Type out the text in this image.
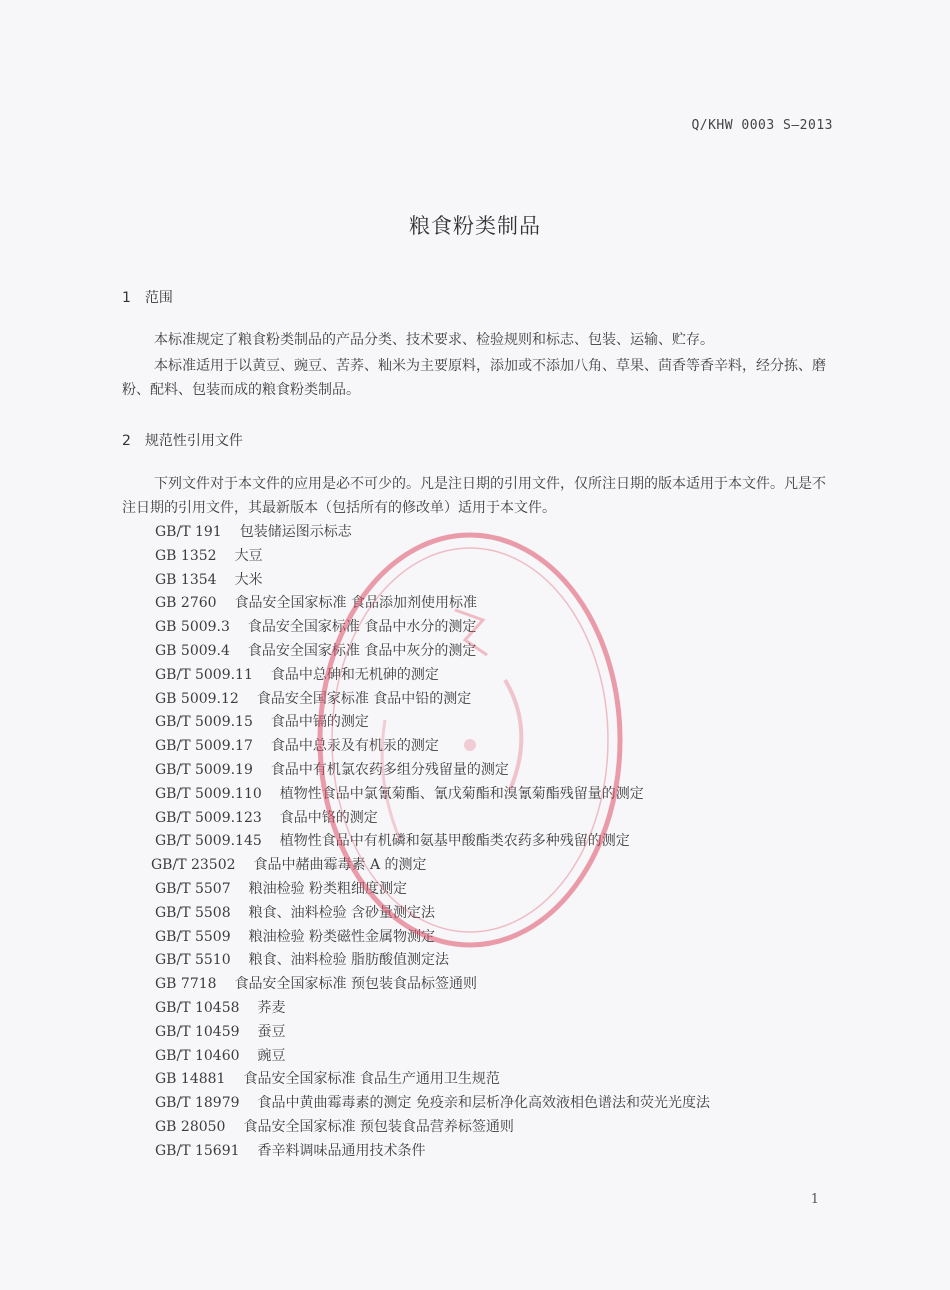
Q/KHW 0003 S—2013
粮食粉类制品
1 范围
本标准规定了粮食粉类制品的产品分类、技术要求、检验规则和标志、包装、运输、贮存。
本标准适用于以黄豆、豌豆、苦荞、籼米为主要原料，添加或不添加八角、草果、茴香等香辛料，经分拣、磨粉、配料、包装而成的粮食粉类制品。
2 规范性引用文件
下列文件对于本文件的应用是必不可少的。凡是注日期的引用文件，仅所注日期的版本适用于本文件。凡是不注日期的引用文件，其最新版本（包括所有的修改单）适用于本文件。
GB/T 191 包装储运图示标志
GB 1352 大豆
GB 1354 大米
GB 2760 食品安全国家标准 食品添加剂使用标准
GB 5009.3 食品安全国家标准 食品中水分的测定
GB 5009.4 食品安全国家标准 食品中灰分的测定
GB/T 5009.11 食品中总砷和无机砷的测定
GB 5009.12 食品安全国家标准 食品中铅的测定
GB/T 5009.15 食品中镉的测定
GB/T 5009.17 食品中总汞及有机汞的测定
GB/T 5009.19 食品中有机氯农药多组分残留量的测定
GB/T 5009.110 植物性食品中氯氰菊酯、氰戊菊酯和溴氰菊酯残留量的测定
GB/T 5009.123 食品中铬的测定
GB/T 5009.145 植物性食品中有机磷和氨基甲酸酯类农药多种残留的测定
GB/T 23502 食品中赭曲霉毒素 A 的测定
GB/T 5507 粮油检验 粉类粗细度测定
GB/T 5508 粮食、油料检验 含砂量测定法
GB/T 5509 粮油检验 粉类磁性金属物测定
GB/T 5510 粮食、油料检验 脂肪酸值测定法
GB 7718 食品安全国家标准 预包装食品标签通则
GB/T 10458 荞麦
GB/T 10459 蚕豆
GB/T 10460 豌豆
GB 14881 食品安全国家标准 食品生产通用卫生规范
GB/T 18979 食品中黄曲霉毒素的测定 免疫亲和层析净化高效液相色谱法和荧光光度法
GB 28050 食品安全国家标准 预包装食品营养标签通则
GB/T 15691 香辛料调味品通用技术条件
1
